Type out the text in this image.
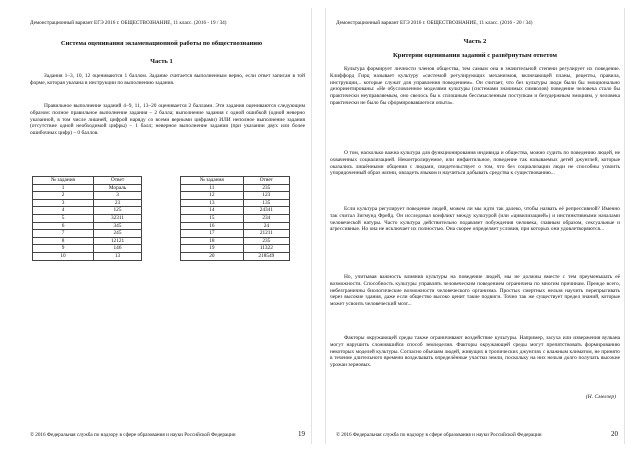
Демонстрационный вариант ЕГЭ 2016 г. ОБЩЕСТВОЗНАНИЕ, 11 класс. (2016 - 19 / 34)
Система оценивания экзаменационной работы по обществознанию
Часть 1
Задания 1–3, 10, 12 оцениваются 1 баллом. Задание считается выполненным верно, если ответ записан в той форме, которая указана в инструкции по выполнению задания.
Правильное выполнение заданий 4–9, 11, 13–20 оценивается 2 баллами. Эти задания оцениваются следующим образом: полное правильное выполнение задания – 2 балла; выполнение задания с одной ошибкой (одной неверно указанной, в том числе лишней, цифрой наряду со всеми верными цифрами) ИЛИ неполное выполнение задания (отсутствие одной необходимой цифры) – 1 балл; неверное выполнение задания (при указании двух или более ошибочных цифр) – 0 баллов.
№ задания	Ответ
1	Мораль
2	3
3	23
4	125
5	32311
6	345
7	245
8	12121
9	146
10	13
№ задания	Ответ
11	235
12	123
13	135
14	24341
15	234
16	24
17	21211
18	235
19	11322
20	218549
© 2016 Федеральная служба по надзору в сфере образования и науки Российской Федерации	19
Демонстрационный вариант ЕГЭ 2016 г. ОБЩЕСТВОЗНАНИЕ, 11 класс. (2016 - 20 / 34)
Часть 2
Критерии оценивания заданий с развёрнутым ответом
Культура формирует личности членов общества, тем самым она в значительной степени регулирует их поведение. Клиффорд Гирц называет культуру «системой регулирующих механизмов, включающей планы, рецепты, правила, инструкции,.. которые служат для управления поведением». Он считает, что без культуры люди были бы эмоционально дезориентированы: «Не обусловленное моделями культуры (системами значимых символов) поведение человека стало бы практически неуправляемым, оно свелось бы к сплошным бессмысленным поступкам и безудержным эмоциям, у человека практически не было бы сформировавшегося опыта».
О том, насколько важна культура для функционирования индивида и общества, можно судить по поведению людей, не охваченных социализацией. Неконтролируемое, или инфантильное, поведение так называемых детей джунглей, которые оказались лишёнными общения с людьми, свидетельствует о том, что без социализации люди не способны усвоить упорядоченный образ жизни, овладеть языком и научиться добывать средства к существованию...
Если культура регулирует поведение людей, можем ли мы идти так далеко, чтобы назвать её репрессивной? Именно так считал Зигмунд Фрейд. Он исследовал конфликт между культурой (или «цивилизацией») и инстинктивными началами человеческой натуры. Часто культура действительно подавляет побуждения человека, главным образом, сексуальные и агрессивные. Но она не исключает их полностью. Она скорее определяет условия, при которых они удовлетворяются...
Но, учитывая важность влияния культуры на поведение людей, мы не должны вместе с тем преуменьшать её возможности. Способность культуры управлять человеческим поведением ограничена по многим причинам. Прежде всего, небезграничны биологические возможности человеческого организма. Простых смертных нельзя научить перепрыгивать через высокие здания, даже если общество высоко ценит такие подвиги. Точно так же существует предел знаний, которые может усвоить человеческий мозг...
Факторы окружающей среды также ограничивают воздействие культуры. Например, засуха или извержения вулкана могут нарушить сложившийся способ земледелия. Факторы окружающей среды могут препятствовать формированию некоторых моделей культуры. Согласно обычаям людей, живущих в тропических джунглях с влажным климатом, не принято в течение длительного времени возделывать определённые участки земли, поскольку на них нельзя долго получать высокие урожаи зерновых.
(Н. Смелзер)
© 2016 Федеральная служба по надзору в сфере образования и науки Российской Федерации	20
